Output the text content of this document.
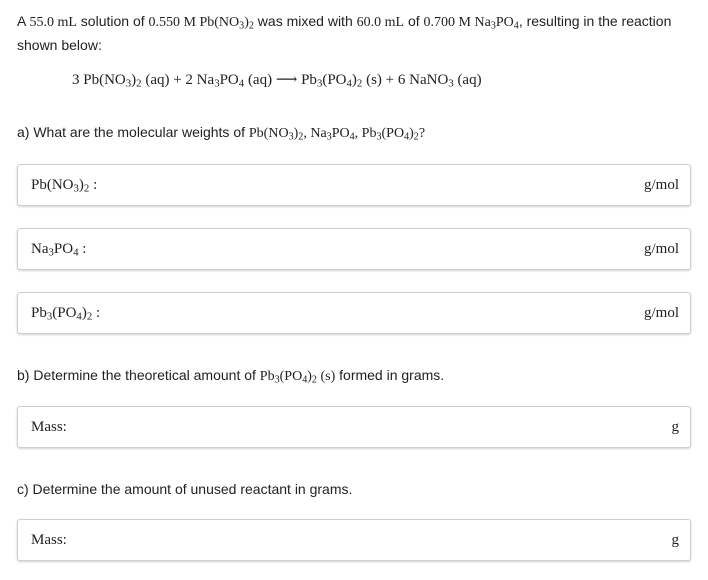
A 55.0 mL solution of 0.550 M $Pb(NO_3)_2$ was mixed with 60.0 mL of 0.700 M $Na_3PO_4$, resulting in the reaction shown below:
3 $Pb(NO_3)_2$ (aq) + 2 $Na_3PO_4$ (aq) ⟶ $Pb_3(PO_4)_2$ (s) + 6 NaNO$_3$ (aq)
a) What are the molecular weights of $Pb(NO_3)_2$, $Na_3PO_4$, $Pb_3(PO_4)_2$?
$Pb(NO_3)_2$ :	g/mol
$Na_3PO_4$ :	g/mol
$Pb_3(PO_4)_2$ :	g/mol
b) Determine the theoretical amount of $Pb_3(PO_4)_2$ (s) formed in grams.
Mass:	g
c) Determine the amount of unused reactant in grams.
Mass:	g
